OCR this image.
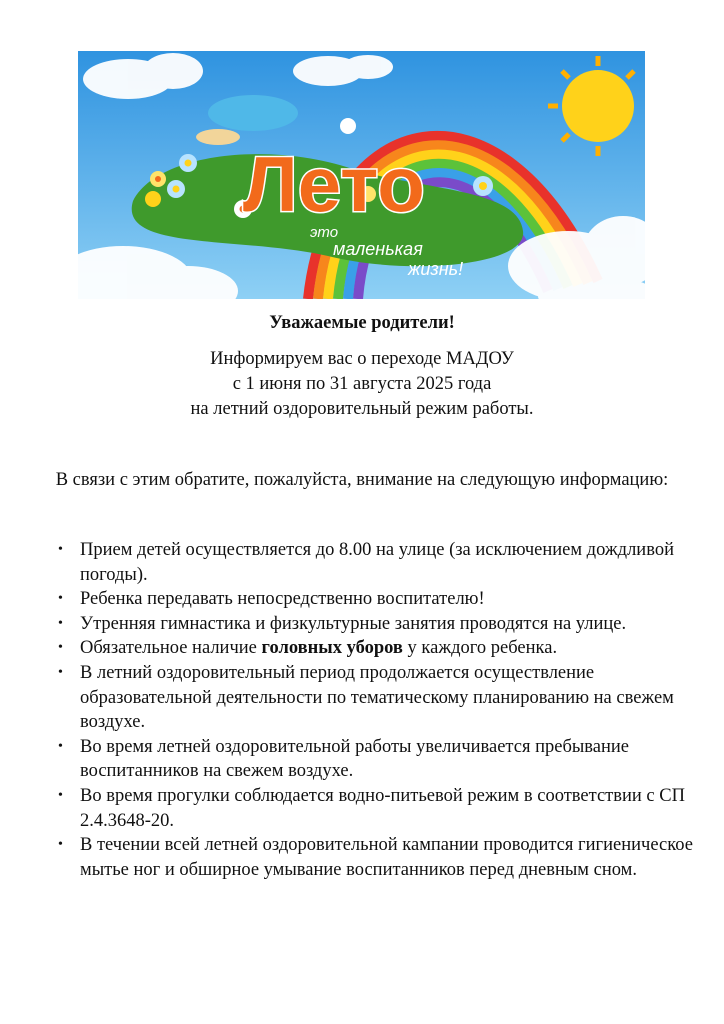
Лето
это
маленькая
жизнь!
Уважаемые родители!
Информируем вас о переходе МАДОУ
с 1 июня по 31 августа 2025 года
на летний оздоровительный режим работы.
В связи с этим обратите, пожалуйста, внимание на следующую информацию:
• Прием детей осуществляется до 8.00 на улице (за исключением дождливой погоды).
• Ребенка передавать непосредственно воспитателю!
• Утренняя гимнастика и физкультурные занятия проводятся на улице.
• Обязательное наличие головных уборов у каждого ребенка.
• В летний оздоровительный период продолжается осуществление образовательной деятельности по тематическому планированию на свежем воздухе.
• Во время летней оздоровительной работы увеличивается пребывание воспитанников на свежем воздухе.
• Во время прогулки соблюдается водно-питьевой режим в соответствии с СП 2.4.3648-20.
• В течении всей летней оздоровительной кампании проводится гигиеническое мытье ног и обширное умывание воспитанников перед дневным сном.
